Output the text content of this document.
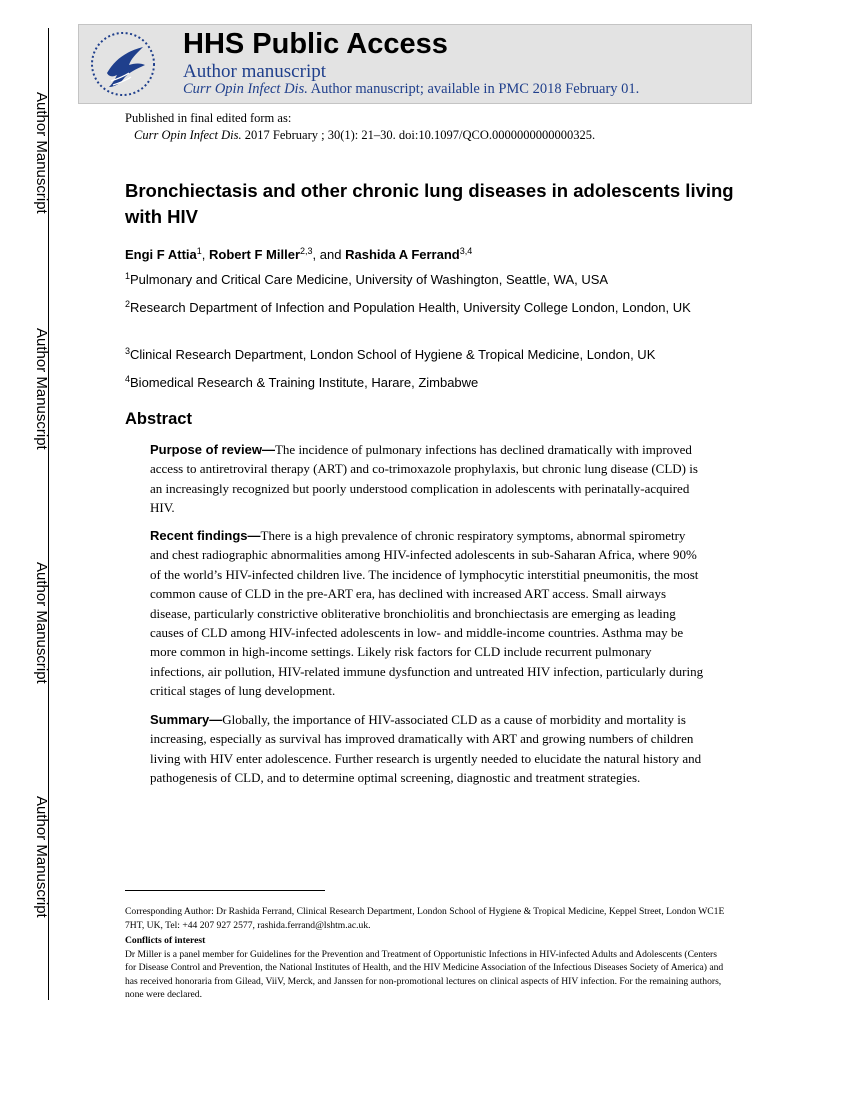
Author Manuscript
Author Manuscript
Author Manuscript
Author Manuscript
HHS Public Access
Author manuscript
Curr Opin Infect Dis. Author manuscript; available in PMC 2018 February 01.
Published in final edited form as:
Curr Opin Infect Dis. 2017 February ; 30(1): 21–30. doi:10.1097/QCO.0000000000000325.
Bronchiectasis and other chronic lung diseases in adolescents living with HIV
Engi F Attia$^1$, Robert F Miller$^{2,3}$, and Rashida A Ferrand$^{3,4}$
$^1$Pulmonary and Critical Care Medicine, University of Washington, Seattle, WA, USA
$^2$Research Department of Infection and Population Health, University College London, London, UK
$^3$Clinical Research Department, London School of Hygiene & Tropical Medicine, London, UK
$^4$Biomedical Research & Training Institute, Harare, Zimbabwe
Abstract
Purpose of review—The incidence of pulmonary infections has declined dramatically with improved access to antiretroviral therapy (ART) and co-trimoxazole prophylaxis, but chronic lung disease (CLD) is an increasingly recognized but poorly understood complication in adolescents with perinatally-acquired HIV.
Recent findings—There is a high prevalence of chronic respiratory symptoms, abnormal spirometry and chest radiographic abnormalities among HIV-infected adolescents in sub-Saharan Africa, where 90% of the world’s HIV-infected children live. The incidence of lymphocytic interstitial pneumonitis, the most common cause of CLD in the pre-ART era, has declined with increased ART access. Small airways disease, particularly constrictive obliterative bronchiolitis and bronchiectasis are emerging as leading causes of CLD among HIV-infected adolescents in low- and middle-income countries. Asthma may be more common in high-income settings. Likely risk factors for CLD include recurrent pulmonary infections, air pollution, HIV-related immune dysfunction and untreated HIV infection, particularly during critical stages of lung development.
Summary—Globally, the importance of HIV-associated CLD as a cause of morbidity and mortality is increasing, especially as survival has improved dramatically with ART and growing numbers of children living with HIV enter adolescence. Further research is urgently needed to elucidate the natural history and pathogenesis of CLD, and to determine optimal screening, diagnostic and treatment strategies.
Corresponding Author: Dr Rashida Ferrand, Clinical Research Department, London School of Hygiene & Tropical Medicine, Keppel Street, London WC1E 7HT, UK, Tel: +44 207 927 2577, rashida.ferrand@lshtm.ac.uk.
Conflicts of interest
Dr Miller is a panel member for Guidelines for the Prevention and Treatment of Opportunistic Infections in HIV-infected Adults and Adolescents (Centers for Disease Control and Prevention, the National Institutes of Health, and the HIV Medicine Association of the Infectious Diseases Society of America) and has received honoraria from Gilead, ViiV, Merck, and Janssen for non-promotional lectures on clinical aspects of HIV infection. For the remaining authors, none were declared.
